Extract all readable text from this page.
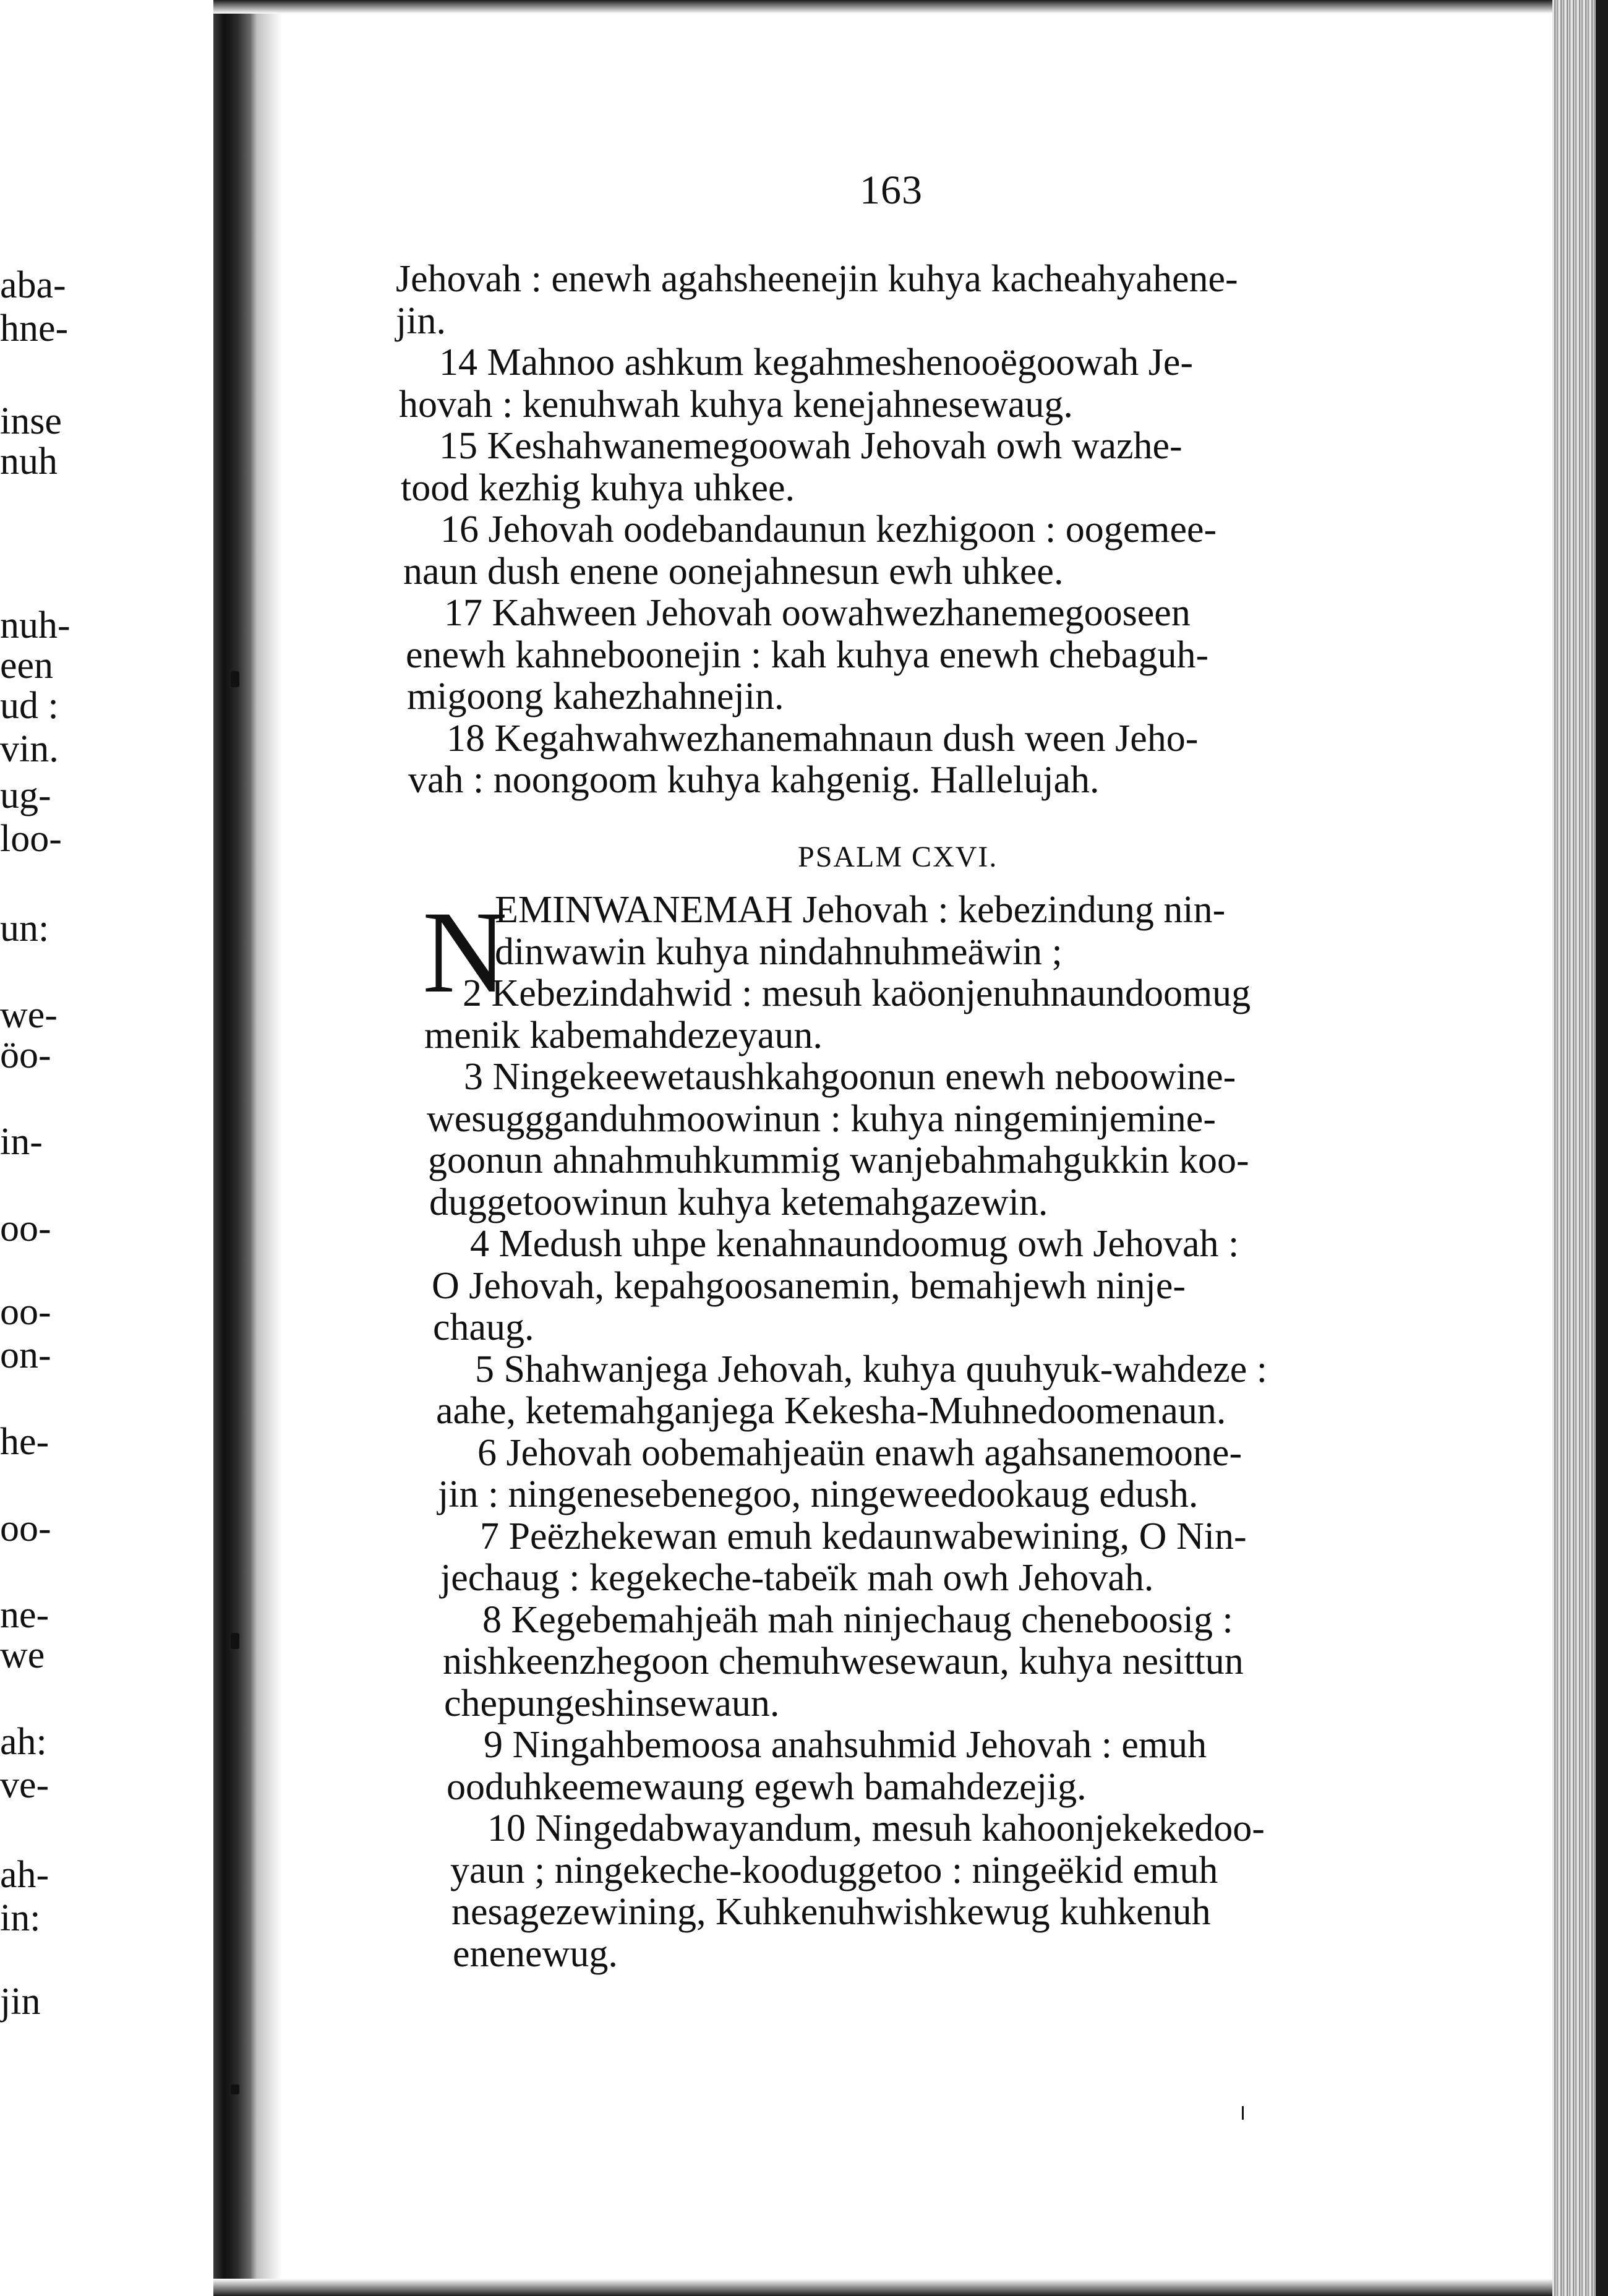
aba-
hne-
inse
nuh
nuh-
een
ud :
vin.
ug-
loo-
un:
we-
öo-
in-
oo-
oo-
on-
he-
oo-
ne-
we
ah:
ve-
ah-
in:
jin
163
Jehovah : enewh agahsheenejin kuhya kacheahyahene-
jin.
14 Mahnoo ashkum kegahmeshenooëgoowah Je-
hovah : kenuhwah kuhya kenejahnesewaug.
15 Keshahwanemegoowah Jehovah owh wazhe-
tood kezhig kuhya uhkee.
16 Jehovah oodebandaunun kezhigoon : oogemee-
naun dush enene oonejahnesun ewh uhkee.
17 Kahween Jehovah oowahwezhanemegooseen
enewh kahneboonejin : kah kuhya enewh chebaguh-
migoong kahezhahnejin.
18 Kegahwahwezhanemahnaun dush ween Jeho-
vah : noongoom kuhya kahgenig. Hallelujah.
PSALM CXVI.
N
EMINWANEMAH Jehovah : kebezindung nin-
dinwawin kuhya nindahnuhmeäwin ;
2 Kebezindahwid : mesuh kaöonjenuhnaundoomug
menik kabemahdezeyaun.
3 Ningekeewetaushkahgoonun enewh neboowine-
wesuggganduhmoowinun : kuhya ningeminjemine-
goonun ahnahmuhkummig wanjebahmahgukkin koo-
duggetoowinun kuhya ketemahgazewin.
4 Medush uhpe kenahnaundoomug owh Jehovah :
O Jehovah, kepahgoosanemin, bemahjewh ninje-
chaug.
5 Shahwanjega Jehovah, kuhya quuhyuk-wahdeze :
aahe, ketemahganjega Kekesha-Muhnedoomenaun.
6 Jehovah oobemahjeaün enawh agahsanemoone-
jin : ningenesebenegoo, ningeweedookaug edush.
7 Peëzhekewan emuh kedaunwabewining, O Nin-
jechaug : kegekeche-tabeïk mah owh Jehovah.
8 Kegebemahjeäh mah ninjechaug cheneboosig :
nishkeenzhegoon chemuhwesewaun, kuhya nesittun
chepungeshinsewaun.
9 Ningahbemoosa anahsuhmid Jehovah : emuh
ooduhkeemewaung egewh bamahdezejig.
10 Ningedabwayandum, mesuh kahoonjekekedoo-
yaun ; ningekeche-kooduggetoo : ningeëkid emuh
nesagezewining, Kuhkenuhwishkewug kuhkenuh
enenewug.
